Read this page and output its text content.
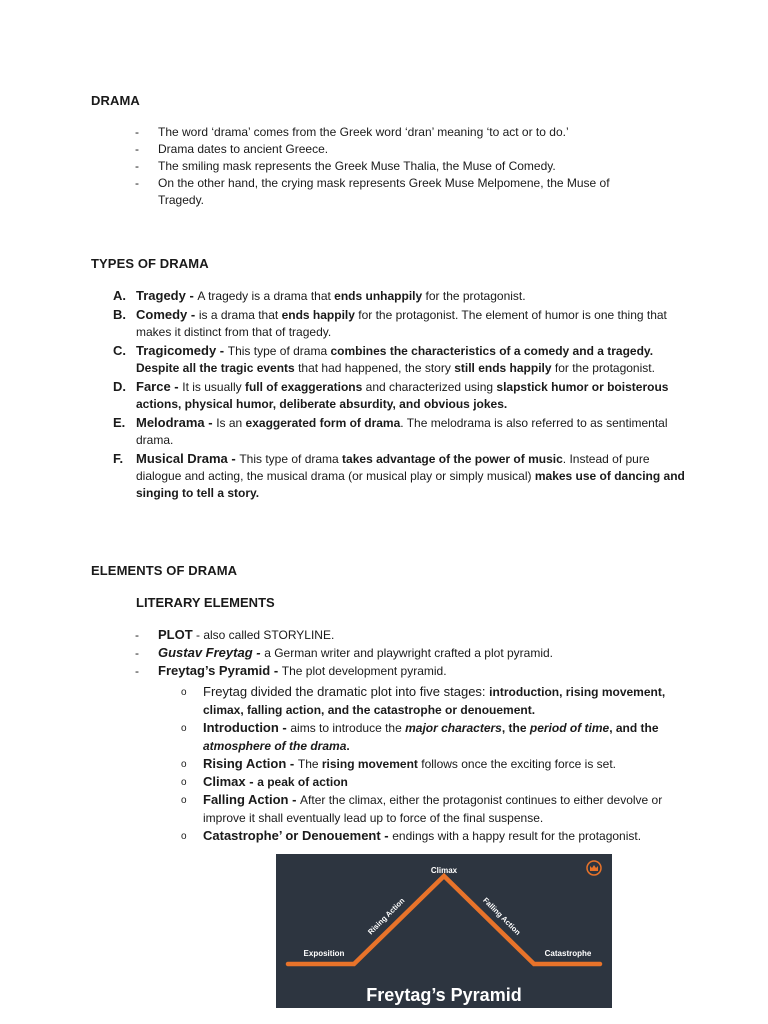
DRAMA
- The word ‘drama’ comes from the Greek word ‘dran’ meaning ‘to act or to do.’
- Drama dates to ancient Greece.
- The smiling mask represents the Greek Muse Thalia, the Muse of Comedy.
- On the other hand, the crying mask represents Greek Muse Melpomene, the Muse of Tragedy.
TYPES OF DRAMA
A. Tragedy - A tragedy is a drama that ends unhappily for the protagonist.
B. Comedy - is a drama that ends happily for the protagonist. The element of humor is one thing that makes it distinct from that of tragedy.
C. Tragicomedy - This type of drama combines the characteristics of a comedy and a tragedy. Despite all the tragic events that had happened, the story still ends happily for the protagonist.
D. Farce - It is usually full of exaggerations and characterized using slapstick humor or boisterous actions, physical humor, deliberate absurdity, and obvious jokes.
E. Melodrama - Is an exaggerated form of drama. The melodrama is also referred to as sentimental drama.
F. Musical Drama - This type of drama takes advantage of the power of music. Instead of pure dialogue and acting, the musical drama (or musical play or simply musical) makes use of dancing and singing to tell a story.
ELEMENTS OF DRAMA
LITERARY ELEMENTS
- PLOT - also called STORYLINE.
- Gustav Freytag - a German writer and playwright crafted a plot pyramid.
- Freytag’s Pyramid - The plot development pyramid.
o Freytag divided the dramatic plot into five stages: introduction, rising movement, climax, falling action, and the catastrophe or denouement.
o Introduction - aims to introduce the major characters, the period of time, and the atmosphere of the drama.
o Rising Action - The rising movement follows once the exciting force is set.
o Climax - a peak of action
o Falling Action - After the climax, either the protagonist continues to either devolve or improve it shall eventually lead up to force of the final suspense.
o Catastrophe’ or Denouement - endings with a happy result for the protagonist.
Climax
Exposition	Catastrophe
Rising Action	Falling Action
Freytag’s Pyramid
